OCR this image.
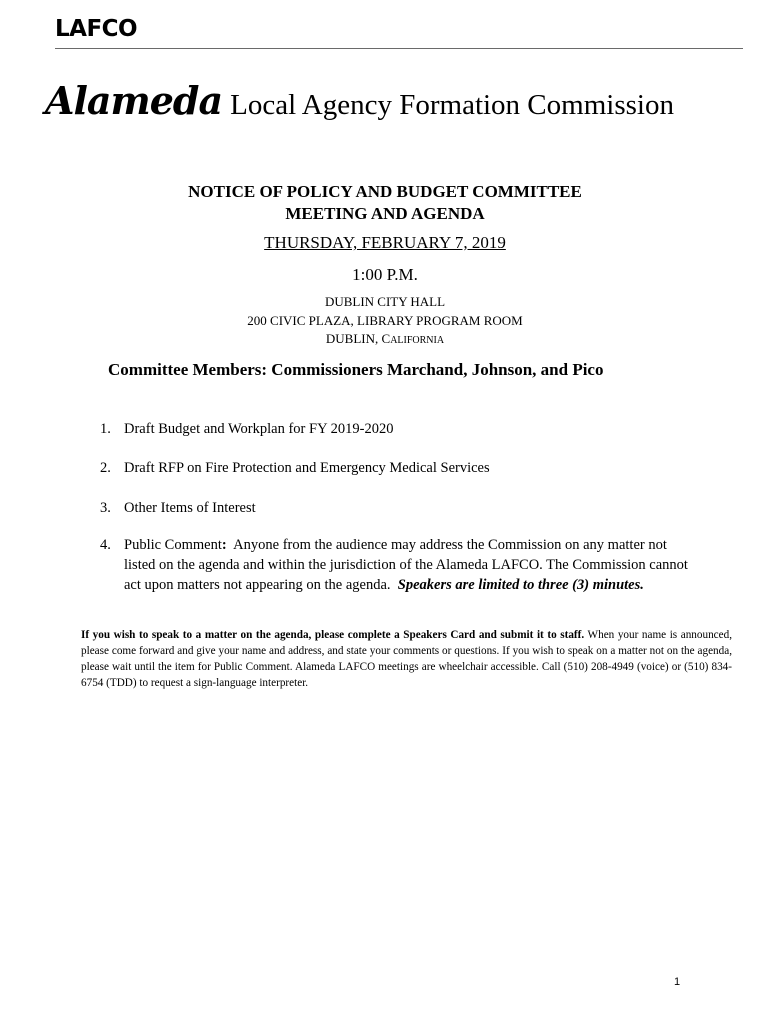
LAFCO
Alameda Local Agency Formation Commission
NOTICE OF POLICY AND BUDGET COMMITTEE
MEETING AND AGENDA
THURSDAY, FEBRUARY 7, 2019
1:00 P.M.
DUBLIN CITY HALL
200 CIVIC PLAZA, LIBRARY PROGRAM ROOM
DUBLIN, CALIFORNIA
Committee Members: Commissioners Marchand, Johnson, and Pico
1. Draft Budget and Workplan for FY 2019-2020
2. Draft RFP on Fire Protection and Emergency Medical Services
3. Other Items of Interest
4. Public Comment:  Anyone from the audience may address the Commission on any matter not
listed on the agenda and within the jurisdiction of the Alameda LAFCO. The Commission cannot
act upon matters not appearing on the agenda.  Speakers are limited to three (3) minutes.
If you wish to speak to a matter on the agenda, please complete a Speakers Card and submit it to staff. When your name is announced, please come forward and give your name and address, and state your comments or questions. If you wish to speak on a matter not on the agenda, please wait until the item for Public Comment. Alameda LAFCO meetings are wheelchair accessible. Call (510) 208-4949 (voice) or (510) 834-6754 (TDD) to request a sign-language interpreter.
1
